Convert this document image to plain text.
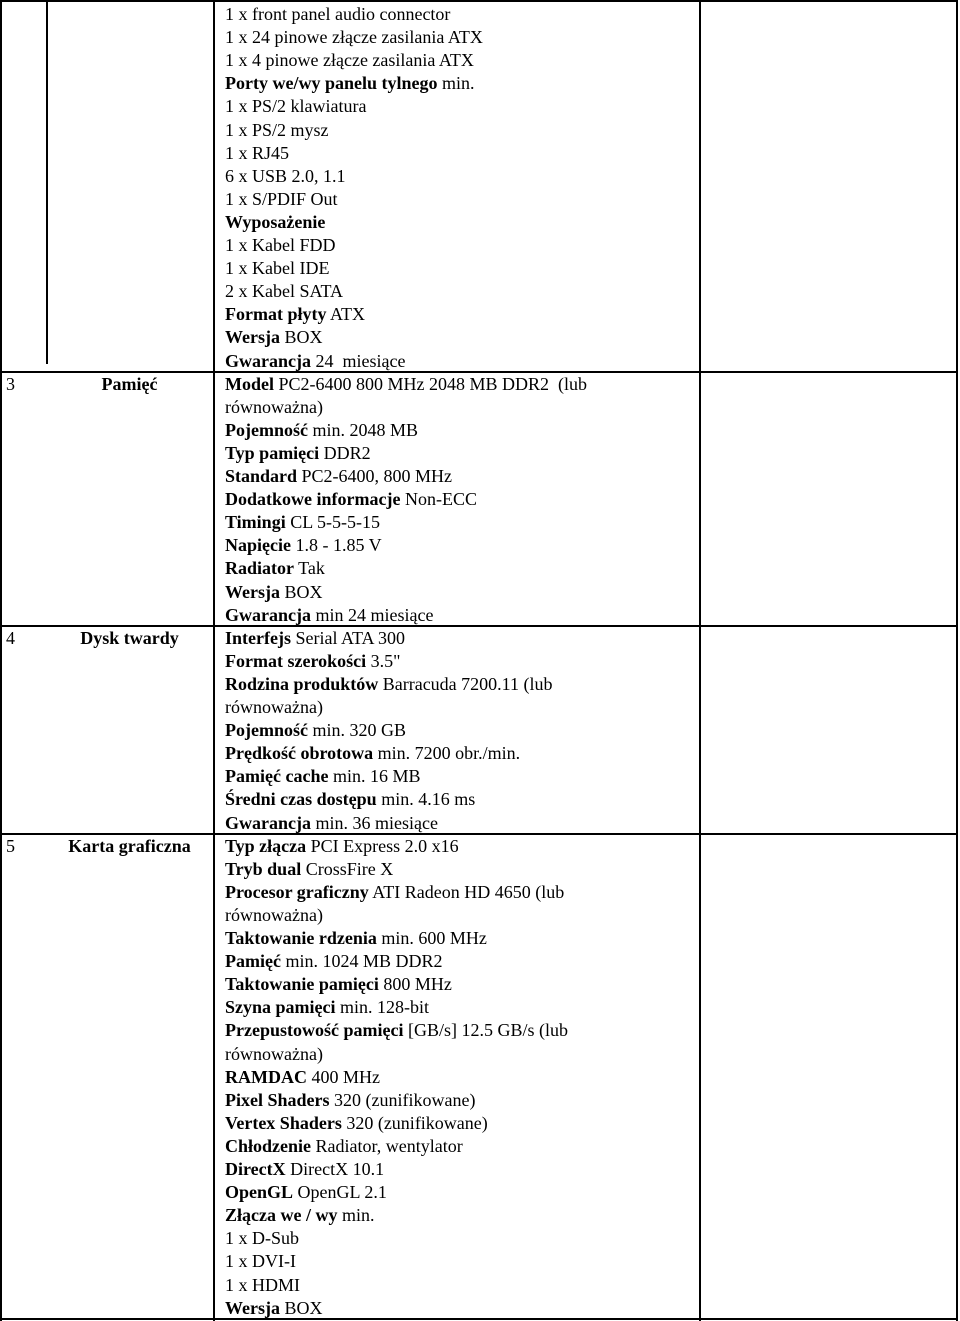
1 x front panel audio connector
1 x 24 pinowe złącze zasilania ATX
1 x 4 pinowe złącze zasilania ATX
Porty we/wy panelu tylnego min.
1 x PS/2 klawiatura
1 x PS/2 mysz
1 x RJ45
6 x USB 2.0, 1.1
1 x S/PDIF Out
Wyposażenie
1 x Kabel FDD
1 x Kabel IDE
2 x Kabel SATA
Format płyty ATX
Wersja BOX
Gwarancja 24  miesiące
3	Pamięć	Model PC2-6400 800 MHz 2048 MB DDR2  (lub
równoważna)
Pojemność min. 2048 MB
Typ pamięci DDR2
Standard PC2-6400, 800 MHz
Dodatkowe informacje Non-ECC
Timingi CL 5-5-5-15
Napięcie 1.8 - 1.85 V
Radiator Tak
Wersja BOX
Gwarancja min 24 miesiące
4	Dysk twardy	Interfejs Serial ATA 300
Format szerokości 3.5"
Rodzina produktów Barracuda 7200.11 (lub
równoważna)
Pojemność min. 320 GB
Prędkość obrotowa min. 7200 obr./min.
Pamięć cache min. 16 MB
Średni czas dostępu min. 4.16 ms
Gwarancja min. 36 miesiące
5	Karta graficzna	Typ złącza PCI Express 2.0 x16
Tryb dual CrossFire X
Procesor graficzny ATI Radeon HD 4650 (lub
równoważna)
Taktowanie rdzenia min. 600 MHz
Pamięć min. 1024 MB DDR2
Taktowanie pamięci 800 MHz
Szyna pamięci min. 128-bit
Przepustowość pamięci [GB/s] 12.5 GB/s (lub
równoważna)
RAMDAC 400 MHz
Pixel Shaders 320 (zunifikowane)
Vertex Shaders 320 (zunifikowane)
Chłodzenie Radiator, wentylator
DirectX DirectX 10.1
OpenGL OpenGL 2.1
Złącza we / wy min.
1 x D-Sub
1 x DVI-I
1 x HDMI
Wersja BOX
